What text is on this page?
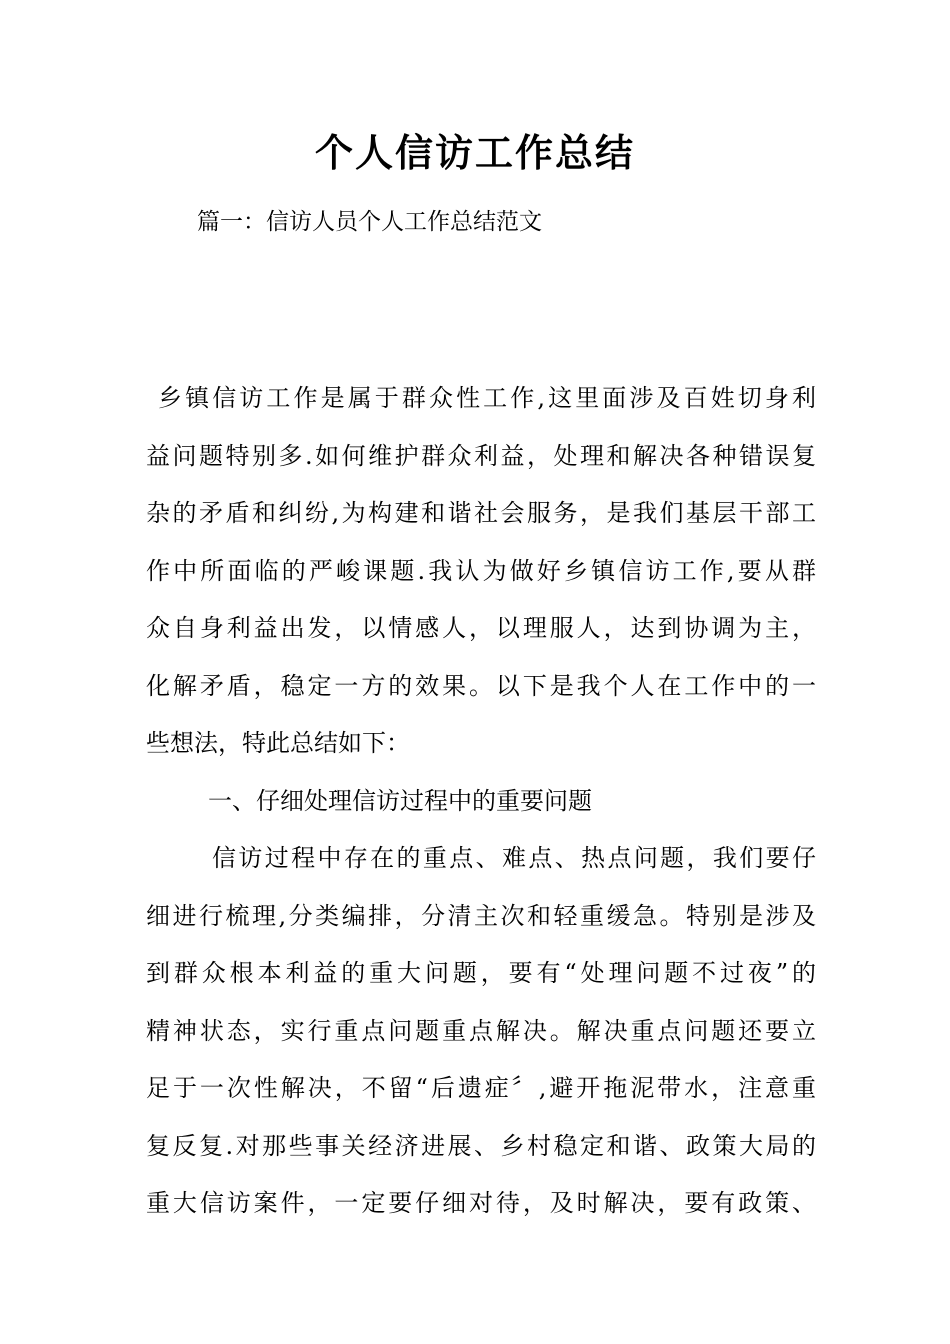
个人信访工作总结

篇一：信访人员个人工作总结范文

乡镇信访工作是属于群众性工作,这里面涉及百姓切身利
益问题特别多.如何维护群众利益，处理和解决各种错误复
杂的矛盾和纠纷,为构建和谐社会服务，是我们基层干部工
作中所面临的严峻课题.我认为做好乡镇信访工作,要从群
众自身利益出发，以情感人，以理服人，达到协调为主，
化解矛盾，稳定一方的效果。以下是我个人在工作中的一
些想法，特此总结如下：
一、仔细处理信访过程中的重要问题
信访过程中存在的重点、难点、热点问题，我们要仔
细进行梳理,分类编排，分清主次和轻重缓急。特别是涉及
到群众根本利益的重大问题，要有“处理问题不过夜”的
精神状态，实行重点问题重点解决。解决重点问题还要立
足于一次性解决，不留“后遗症〞,避开拖泥带水，注意重
复反复.对那些事关经济进展、乡村稳定和谐、政策大局的
重大信访案件，一定要仔细对待，及时解决，要有政策、
